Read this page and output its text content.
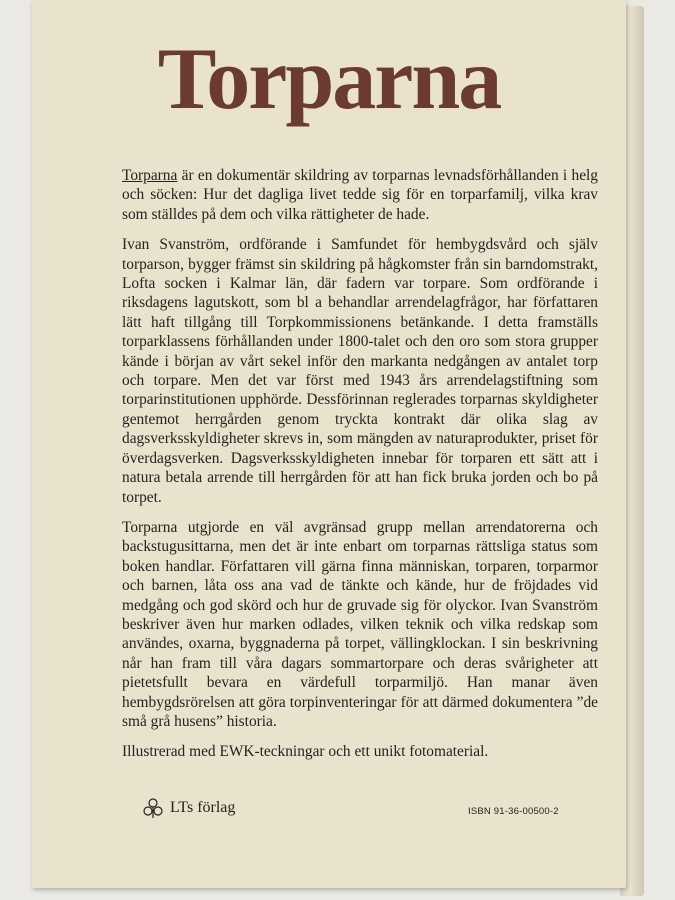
Torparna

Torparna är en dokumentär skildring av torparnas levnadsförhållanden i helg och söcken: Hur det dagliga livet tedde sig för en torparfamilj, vilka krav som ställdes på dem och vilka rättigheter de hade.

Ivan Svanström, ordförande i Samfundet för hembygdsvård och själv torparson, bygger främst sin skildring på hågkomster från sin barndomstrakt, Lofta socken i Kalmar län, där fadern var torpare. Som ordförande i riksdagens lagutskott, som bl a behandlar arrendelagfrågor, har författaren lätt haft tillgång till Torpkommissionens betänkande. I detta framställs torparklassens förhållanden under 1800-talet och den oro som stora grupper kände i början av vårt sekel inför den markanta nedgången av antalet torp och torpare. Men det var först med 1943 års arrendelagstiftning som torparinstitutionen upphörde. Dessförinnan reglerades torparnas skyldigheter gentemot herrgården genom tryckta kontrakt där olika slag av dagsverksskyldigheter skrevs in, som mängden av naturaprodukter, priset för överdagsverken. Dagsverksskyldigheten innebar för torparen ett sätt att i natura betala arrende till herrgården för att han fick bruka jorden och bo på torpet.

Torparna utgjorde en väl avgränsad grupp mellan arrendatorerna och backstugusittarna, men det är inte enbart om torparnas rättsliga status som boken handlar. Författaren vill gärna finna människan, torparen, torparmor och barnen, låta oss ana vad de tänkte och kände, hur de fröjdades vid medgång och god skörd och hur de gruvade sig för olyckor. Ivan Svanström beskriver även hur marken odlades, vilken teknik och vilka redskap som användes, oxarna, byggnaderna på torpet, vällingklockan. I sin beskrivning når han fram till våra dagars sommartorpare och deras svårigheter att pietetsfullt bevara en värdefull torparmiljö. Han manar även hembygdsrörelsen att göra torpinventeringar för att därmed dokumentera ”de små grå husens” historia.

Illustrerad med EWK-teckningar och ett unikt fotomaterial.

LTs förlag	ISBN 91-36-00500-2
